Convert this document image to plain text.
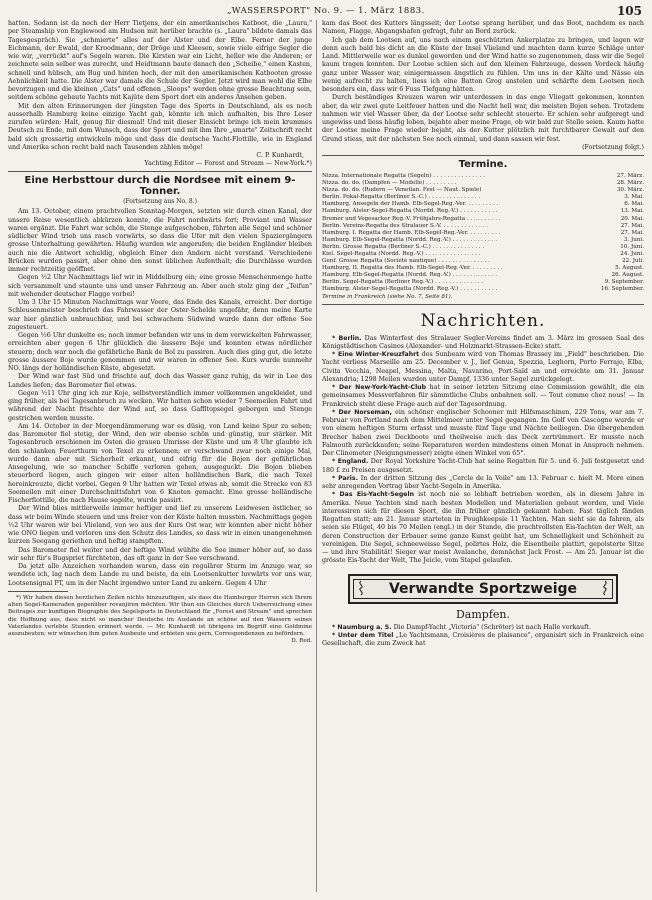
„WASSERSPORT" No. 9. — 1. März 1883.	105

hatten. Sodann ist da noch der Herr Tietjens, der ein amerikanisches Katboot, die „Laura," per Steamship von Englewood am Hudson mit herüber brachte (s. „Laura" bildete damals das Tagesgespräch). Sie „schmierte" alles auf der Alster und der Elbe. Ferner der junge Eichmann, der Ewald, der Kroodmann, der Dröge und Kleesen, sowie viele eifrige Segler die wie wir, „verrückt" auf's Segeln waren. Die Kirsten war ein Licht, heller wie die Anderen; er zeichnete sein selber was zurecht, und Heidtmann baute danach den „Scheibe," einen Kasten, schnell und hübsch, am Bug und hinten hoch, der mit den amerikanischen Katbooten grosse Aehnlichkeit hatte. Die Alster war damals die Schule der Segler. Jetzt wird man wohl die Elbe bevorzugen und die kleinen „Cats" und offenen „Sloops" werden ohne grosse Beachtung sein, seitdem schöne gebaute Yachts mit Kajüte dem Sport dort ein anderes Ansehen geben.

Mit den alten Erinnerungen der jüngsten Tage des Sports in Deutschland, als es noch ausserhalb Hamburg keine einzige Yacht gab, könnte ich mich aufhalten, bis Ihre Leser zurufen würden: Halt, genug für diesmal! Und mit dieser Einsicht bringe ich mein krummes Deutsch zu Ende, mit dem Wunsch, dass der Sport und mit ihm Ihre „smarte" Zeitschrift recht bald sich grossartig entwickeln möge und dass die deutsche Yacht-Flottille, wie in England und Amerika schon recht bald nach Tausenden zählen möge!

C. P. Kunhardt,
Yachting Editor — Forest and Stream — New-York.*)
Eine Herbsttour durch die Nordsee mit einem 9-Tonner.
(Fortsetzung aus No. 8.)

Am 13. October, einem prachtvollen Sonntag-Morgen, setzten wir durch einen Kanal, der unsere Reise wesentlich abkürzen konnte, die Fahrt nordwärts fort; Proviant und Wasser waren ergänzt. Die Fahrt war schön, die Stenge aufgeschoben, führten alle Segel und schöner südlicher Wind trieb uns rasch vorwärts, so dass die Ufer mit den vielen Spaziergängern grosse Unterhaltung gewährten. Häufig wurden wir angerufen; die beiden Engländer bleiben auch nie die Antwort schuldig, obgleich Einer den Andern nicht verstand. Verschiedene Brücken wurden passirt, aber ohne den sonst üblichen Aufenthalt; die Durchlässe wurden immer rechtzeitig geöffnet.

Gegen ½2 Uhr Nachmittags lief wir in Middelburg ein; eine grosse Menschenmenge hatte sich versammelt und staunte uns und unser Fahrzeug an. Aber auch stolz ging der „Teifun" mit wehender deutscher Flagge vorbei!

Um 3 Uhr 15 Minuten Nachmittags war Veere, das Ende des Kanals, erreicht. Der dortige Schleusenmeister beschrieb das Fahrwasser der Oster-Schelde ungefähr, denn meine Karte war hier gänzlich unbrauchbar, und bei schwachem Südwind wurde dann der offene See zugesteuert.

Gegen ½6 Uhr dunkelte es; noch immer befanden wir uns in dem verwickelten Fahrwasser, erreichten aber gegen 6 Uhr glücklich die äussere Boje und konnten etwas nördlicher steuern; doch war noch die gefährliche Bank de Bol zu passiren. Auch dies ging gut, die letzte grosse äussere Boje wurde genommen und wir waren in offener See. Kurs wurde nunmehr NO. längs der holländischen Küste, abgesetzt.

Der Wind war fast Süd und frischte auf, doch das Wasser ganz ruhig, da wir in Lee des Landes liefen; das Barometer fiel etwas.

Gegen ½11 Uhr ging ich zur Koje, selbstverständlich immer vollkommen angekleidet, und ging früher, als bei Tagesanbruch zu wecken. Wir hatten schon wieder 7 Seemeilen Fahrt und während der Nacht frischte der Wind auf, so dass Gaffltopsegel geborgen und Stenge gestrichen werden musste.

Am 14. October in der Morgendämmerung war es düsig, von Land keine Spur zu sehen; das Barometer fiel stetig, der Wind, den wir ebenso schön und günstig, nur stärker. Mit Tagesanbruch erschienen im Osten die grauen Umrisse der Küste und um 8 Uhr glaubte ich den schlanken Feuerthurm von Texel zu erkennen; er verschwand zwar noch einige Mal, wurde dann aber mit Sicherheit erkannt, und eifrig für die Bojen der gefährlichen Ansegelung, wie so mancher Schiffe verloren gehen, ausgeguckt. Die Bojen blieben steuerbord liegen, auch gingen wir einer alten holländischen Bark, die nach Texel hereinkreuzte, dicht vorbei. Gegen 9 Uhr hatten wir Texel etwas ab, somit die Strecke von 83 Seemeilen mit einer Durchschnittsfahrt von 6 Knoten gemacht. Eine grosse holländische Fischerflottille, die nach Hause segelte, wurde passirt.

Der Wind blies mittlerweile immer heftiger und lief zu unserem Leidwesen östlicher, so dass wir beim Winde steuern und uns freier von der Küste halten mussten. Nachmittags gegen ½2 Uhr waren wir bei Vlieland, von wo aus der Kurs Ost war, wir konnten aber nicht höher wie ONO liegen und verloren uns den Schutz des Landes, so dass wir in einen unangenehmen kurzen Seegang geriethen und heftig stampften.

Das Barometer fiel weiter und der heftige Wind wühlte die See immer höher auf, so dass wir sehr für's Bugspriet fürchteten, das oft ganz in der See verschwand.

Da jetzt alle Anzeichen vorhanden waren, dass ein regulärer Sturm im Anzuge war, so wendete ich, lag nach dem Lande zu und beiste, da ein Lootsenkutter luvwärts vor uns war, Lootsensignal PT, um in der Nacht irgendwo unter Land zu ankern. Gegen 4 Uhr

*) Wir haben diesen herzlichen Zeilen nichts hinzuzufügen, als dass die Hamburger Herren sich Ihrem alten Segel-Kameraden gegenüber revanjiren möchten. Wir thun ein Gleiches durch Ueberreichung eines Beitrages zur kunftigen Biographie des Segelsports in Deutschland für „Forest and Stream" und sprechen die Hoffnung aus, dass nicht so mancher Deutsche im Auslande an schöne auf den Wassern seines Vaterlandes verlebte Stunden erinnert werde. — Mr. Kunhardt ist übrigens im Begriff eine Goldmine auszubeuten; wir wünschen ihm guten Ausbeute und erbieten uns gern, Correspondenzen zu befördern.

D. Red.

kam das Boot des Kutters längsseit; der Lootse sprang herüber, und das Boot, nachdem es nach Namen, Flagge, Abgangshafen gefragt, fuhr an Bord zurück.

Ich gab dem Lootsen auf, uns nach einem geschützten Ankerplatze zu bringen, und lagen wir denn auch bald bis dicht an die Küste der Insel Vlieland und machten dann kurze Schläge unter Land. Mittlerweile war es dunkel geworden und der Wind hatte so zugenommen, dass wir die Segel kaum tragen konnten. Der Lootse schien sich auf den kleinen Fahrzeuge, dessen Vordeck häufig ganz unter Wasser war, einigermassen ängstlich zu fühlen. Um uns in der Kälte und Nässe ein wenig aufrecht zu halten, liess ich eine Batton Grog anstelen und schärfte dem Lootsen noch besonders ein, dass wir 6 Fuss Tiefgang hätten.

Durch beständiges Kreuzen waren wir unterdessen in das enge Vliegatt gekommen, konnten aber, da wir zwei gute Leitfeuer hatten und die Nacht hell war, die meisten Bojen sehen. Trotzdem nahmen wir viel Wasser über, da der Lootse sehr schlecht steuerte. Er schien sehr aufgeregt und ungewiss und liess häufig loben, bejahte aber meine Frage, ob wir bald zur Stelle seien. Kaum hatte der Lootse meine Frage wieder bejaht, als der Kutter plötzlich mit furchtbarer Gewalt auf den Grund stiess, mit der nächsten See noch einmal, und dann sassen wir fest.

(Fortsetzung folgt.)
Termine.
Nizza. Internationale Regatta (Segeln) . . . . . . . . . . . . . . .	27. März.
Nizza. do. do. (Dampfen — Modelle) . . . . . . . . .	28. März.
Nizza. do. do. (Rudern — Venetian. Fest — Naut. Spiele)	30. März.
Berlin. Pokal-Regatta (Berliner S.-C.) . . . . . . . . . . . . . . .	3. Mai.
Hamburg. Ansegeln der Hamb. Elb-Segel-Reg.-Ver. . . . . . . . . .	6. Mai.
Hamburg. Alster-Segel-Regatta (Nordd. Reg.-V.) . . . . . . . . . . .	13. Mai.
Bremer und Vegesacker Reg.-V. Frühjahrs-Regatta . . . . . . . . . .	20. Mai.
Berlin. Vereins-Regatta des Stralauer S.-V. . . . . . . . . . . . . .	27. Mai.
Hamburg. I. Regatta der Hamb. Elb-Segel-Reg.-Ver. . . . . . . . . .	27. Mai.
Hamburg. Elb-Segel-Regatta (Nordd. Reg.-V.) . . . . . . . . . . . . .	3. Juni.
Berlin. Grosse Regatta (Berliner S.-C.) . . . . . . . . . . . . . . .	10. Juni.
Kiel. Segel-Regatta (Nordd. Reg.-V.) . . . . . . . . . . . . . . . .	24. Juni.
Genf. Grosse Regatta (Société nautique) . . . . . . . . . . . . . . .	22. Juli.
Hamburg. II. Regatta des Hamb. Elb-Segel-Reg.-Ver. . . . . . . . . .	5. August.
Hamburg. Elb-Segel-Regatta (Nordd. Reg.-V.) . . . . . . . . . . . . .	26. August.
Berlin. Segel-Regatta (Berliner Reg.-V.) . . . . . . . . . . . . . .	9. September.
Hamburg. Alster-Segel-Regatta (Nordd. Reg.-V.) . . . . . . . . . . .	16. September.
Termine in Frankreich (siehe No. 7, Seite 81).
Nachrichten.

* Berlin. Das Winterfest des Stralauer Segler-Vereins findet am 3. März im grossen Saal des Königstädtischen Casinos (Alexander- und Holzmarkt-Strassen-Ecke) statt.

* Eine Winter-Kreuzfahrt des Sunbeam wird von Thomas Brassey im „Field" beschrieben. Die Yacht verliess Marseille am 25. December v. J., lief Genua, Spezzia, Leghorn, Porto Ferrajo, Elba, Civita Vecchia, Neapel, Messina, Malta, Navarino, Port-Saïd an und erreichte am 31. Januar Alexandria; 1298 Meilen wurden unter Dampf, 1336 unter Segel zurückgelegt.

* Der New-York-Yacht-Club hat in seiner letzten Sitzung eine Commission gewählt, die ein gemeinsames Messverfahren für sämmtliche Clubs anbahnen soll. — Tout comme chez nous! — In Frankreich steht diese Frage auch auf der Tagesordnung.

* Der Norseman, ein schöner englischer Schooner mit Hilfsmaschinen, 229 Tons, war am 7. Februar von Portland nach dem Mittelmeer unter Segel gegangen. Im Golf von Gascogne wurde er von einem heftigen Sturm erfasst und musste fünf Tage und Nächte beiliegen. Die übergehenden Brecher haben zwei Deckboote und theilweise auch das Deck zertrümmert. Er musste nach Falmouth zurückkaufen; seine Reparaturen werden mindestens einen Monat in Anspruch nehmen. Der Clinometer (Neigungsmesser) zeigte einen Winkel von 65°.

* England. Der Royal Yorkshire Yacht-Club hat seine Regatten für 5. und 6. Juli festgesetzt und 180 £ zu Preisen ausgesetzt.

* Paris. In der dritten Sitzung des „Cercle de la Voile" am 13. Februar c. hielt M. More einen sehr anregenden Vortrag über Yacht-Segeln in Amerika.

* Das Eis-Yacht-Segeln ist noch nie so lebhaft betrieben worden, als in diesem Jahre in Amerika. Neue Yachten sind nach besten Modellen und Materialien gebaut worden, und Viele interessiren sich für diesen Sport, die ihn früher gänzlich gekannt haben. Fast täglich fänden Regatten statt; am 21. Januar starteten in Poughkeepsie 11 Yachten. Man sieht sie da fahren, als seien sie Flügel, 40 bis 70 Meilen (engl.) in der Stunde, die prachtvollsten Eis-Yachten der Welt, an deren Construction der Erbauer seine ganze Kunst geübt hat, um Schnelligkeit und Schönheit zu vereinigen. Die Segel, schneeweisse Segel, polirtes Holz, die Eisentheile plattirt, gepolsterte Sitze — und ihre Stabilität! Sieger war meist Avalanche, demnächst Jack Frost. — Am 25. Januar ist die grösste Eis-Yacht der Welt, The Jeicle, vom Stapel gelaufen.

Verwandte Sportzweige
Dampfen.

* Naumburg a. S. Die Dampf-Yacht „Victoria" (Schröter) ist nach Halle verkauft.

* Unter dem Titel „Le Yachtsmann, Croisières de plaisance", organisirt sich in Frankreich eine Gesellschaft, die zum Zweck hat
